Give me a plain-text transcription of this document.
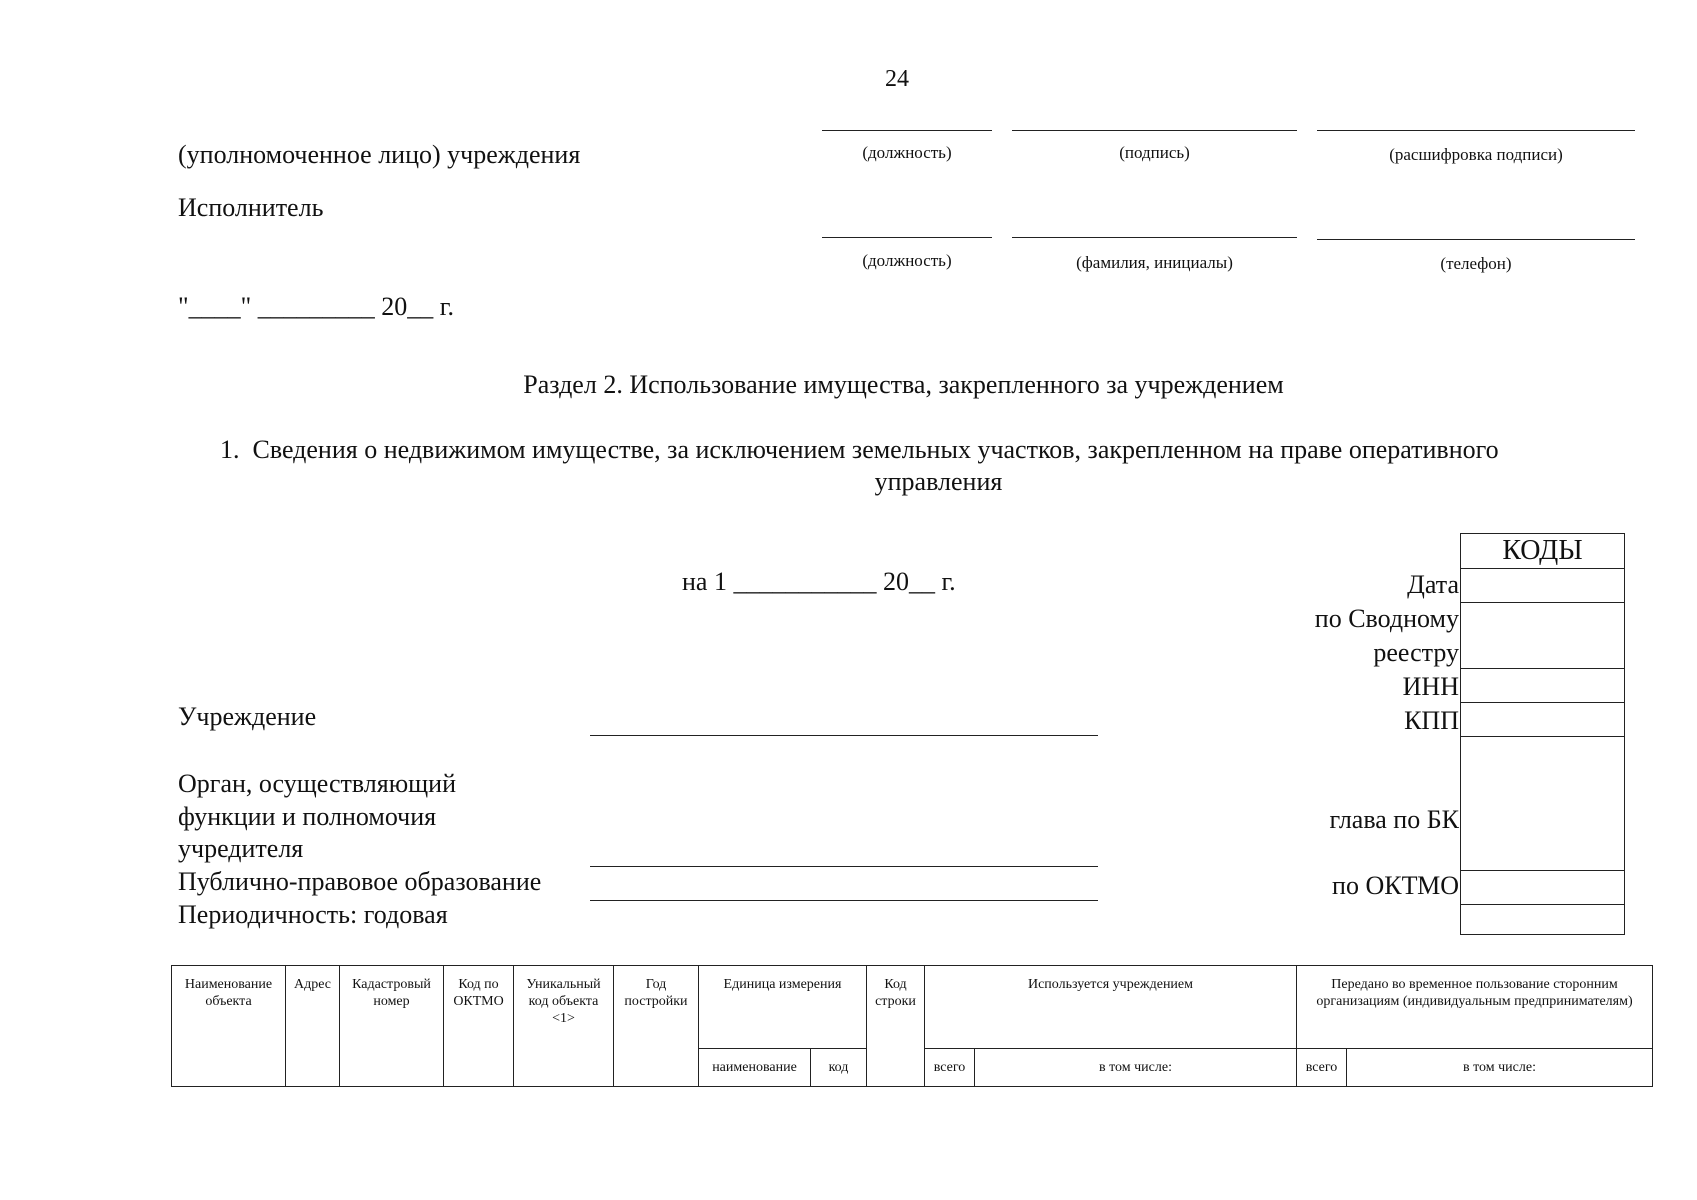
24
(уполномоченное лицо) учреждения
Исполнитель
(должность)	(подпись)	(расшифровка подписи)
(должность)	(фамилия, инициалы)	(телефон)
"____" _________ 20__ г.
Раздел 2. Использование имущества, закрепленного за учреждением
1. Сведения о недвижимом имуществе, за исключением земельных участков, закрепленном на праве оперативного
управления
на 1 ___________ 20__ г.
КОДЫ
Дата
по Сводному
реестру
ИНН
КПП
глава по БК
по ОКТМО
Учреждение
Орган, осуществляющий
функции и полномочия
учредителя
Публично-правовое образование
Периодичность: годовая
Наименование объекта	Адрес	Кадастровый номер	Код по ОКТМО	Уникальный код объекта <1>	Год постройки	Единица измерения		Код строки	Используется учреждением		Передано во временное пользование сторонним организациям (индивидуальным предпринимателям)	
						наименование	код		всего	в том числе:	всего	в том числе:
